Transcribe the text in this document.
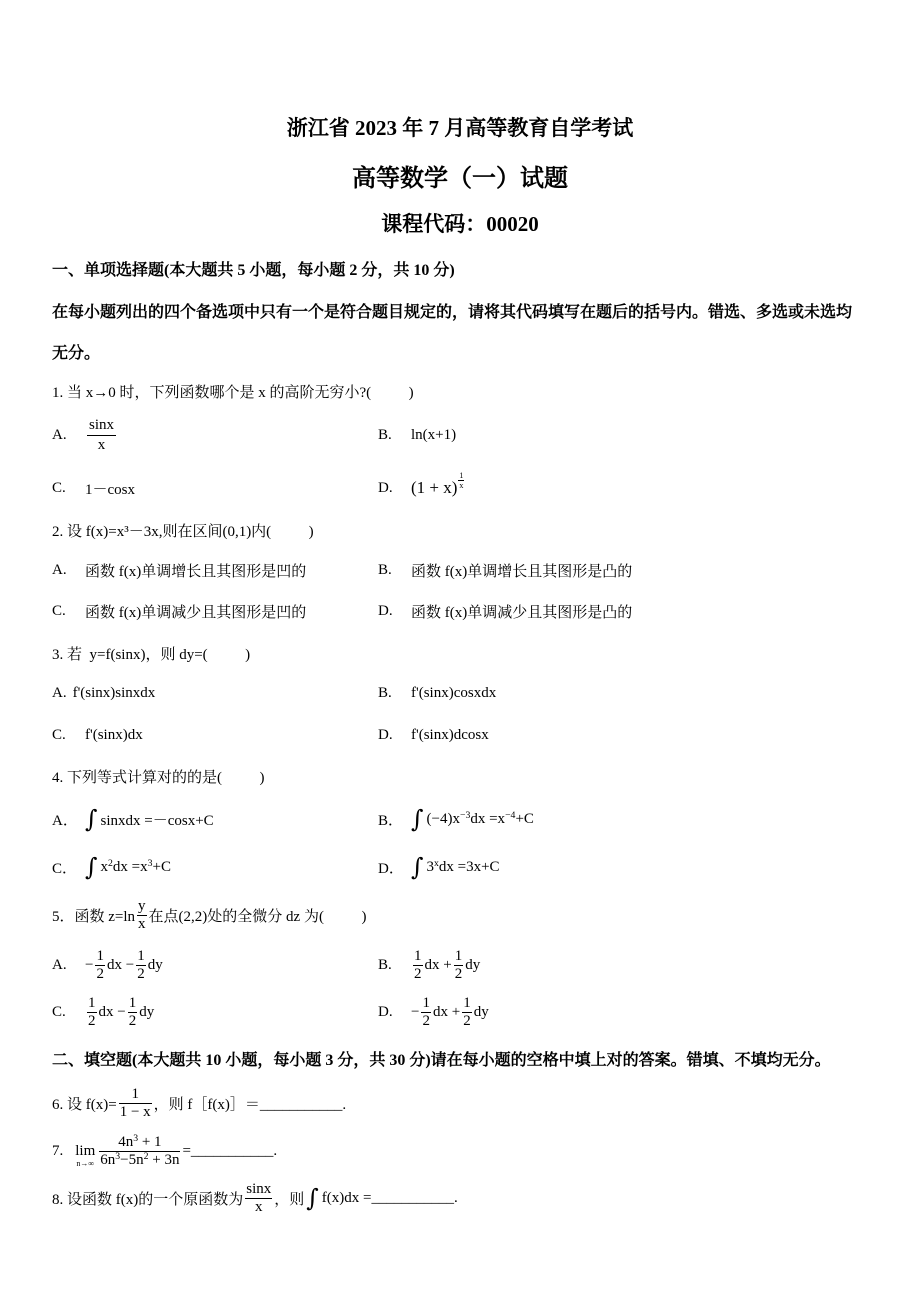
浙江省 2023 年 7 月高等教育自学考试
高等数学（一）试题
课程代码：00020
一、单项选择题(本大题共 5 小题，每小题 2 分，共 10 分)
在每小题列出的四个备选项中只有一个是符合题目规定的，请将其代码填写在题后的括号内。错选、多选或未选均
无分。
1. 当 x→0 时，下列函数哪个是 x 的高阶无穷小?(          )
A.	$\frac{\sin x}{x}$	B.	ln(x+1)
C.	1－cosx	D.	$(1 + x) \frac{1}{x}$
2. 设 f(x)=x³－3x,则在区间(0,1)内(          )
A.	函数 f(x)单调增长且其图形是凹的	B.	函数 f(x)单调增长且其图形是凸的
C.	函数 f(x)单调减少且其图形是凹的	D.	函数 f(x)单调减少且其图形是凸的
3. 若  y=f(sinx)，则 dy=(          )
A. f'(sinx)sinxdx	B.	f'(sinx)cosxdx
C.	f'(sinx)dx	D.	f'(sinx)dcosx
4. 下列等式计算对的的是(          )
A． ∫ sinxdx =－cosx+C	B． ∫ $(-4)x^{-3}dx =x^{-4}+C$
C． ∫ $x^2dx =x^3+C$	D． ∫ $3^xdx =3x+C$
5．函数 $z=\ln \frac{y}{x}$ 在点(2,2)处的全微分 dz 为(          )
A.	− $\frac{1}{2}$ dx − $\frac{1}{2}$ dy	B.	$\frac{1}{2}$ dx + $\frac{1}{2}$ dy
C.	$\frac{1}{2}$ dx − $\frac{1}{2}$ dy	D.	− $\frac{1}{2}$ dx + $\frac{1}{2}$ dy
二、填空题(本大题共 10 小题，每小题 3 分，共 30 分)请在每小题的空格中填上对的答案。错填、不填均无分。
6. 设 $f(x)= \frac{1}{1 - x}$ ，则 f［f(x)］＝___________.
7. lim
$n\to\infty \frac{4n^3 + 1}{6n^3-5n^2 + 3n}$ =___________.
8. 设函数 f(x)的一个原函数为 $\frac{\sin x}{x}$ ，则 ∫ f(x)dx =___________.
